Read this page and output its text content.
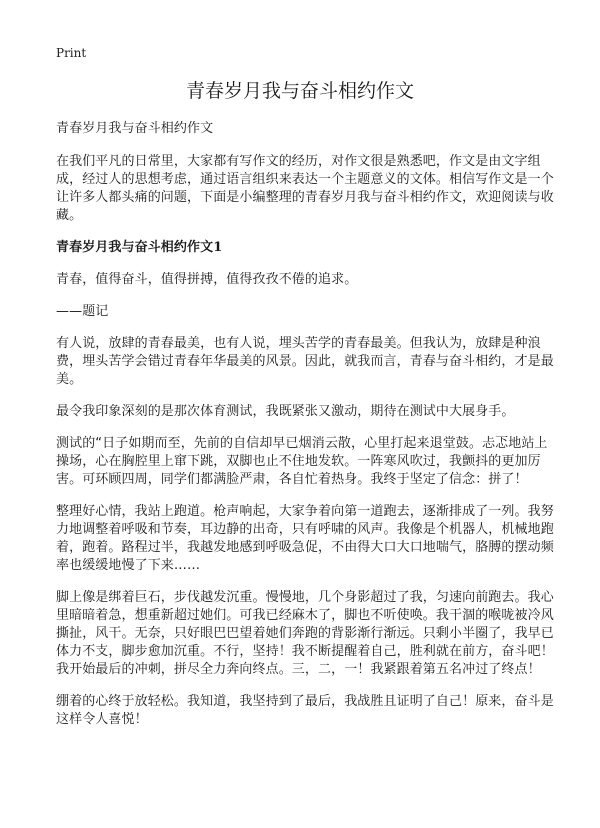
Print
青春岁月我与奋斗相约作文

青春岁月我与奋斗相约作文

在我们平凡的日常里，大家都有写作文的经历，对作文很是熟悉吧，作文是由文字组成，经过人的思想考虑，通过语言组织来表达一个主题意义的文体。相信写作文是一个让许多人都头痛的问题，下面是小编整理的青春岁月我与奋斗相约作文，欢迎阅读与收藏。

青春岁月我与奋斗相约作文1

青春，值得奋斗，值得拼搏，值得孜孜不倦的追求。

——题记

有人说，放肆的青春最美，也有人说，埋头苦学的青春最美。但我认为，放肆是种浪费，埋头苦学会错过青春年华最美的风景。因此，就我而言，青春与奋斗相约，才是最美。

最令我印象深刻的是那次体育测试，我既紧张又激动，期待在测试中大展身手。

测试的“日子如期而至，先前的自信却早已烟消云散，心里打起来退堂鼓。忐忑地站上操场，心在胸腔里上窜下跳，双脚也止不住地发软。一阵寒风吹过，我颤抖的更加厉害。可环顾四周，同学们都满脸严肃，各自忙着热身。我终于坚定了信念：拼了！

整理好心情，我站上跑道。枪声响起，大家争着向第一道跑去，逐渐排成了一列。我努力地调整着呼吸和节奏，耳边静的出奇，只有呼啸的风声。我像是个机器人，机械地跑着，跑着。路程过半，我越发地感到呼吸急促，不由得大口大口地喘气，胳膊的摆动频率也缓缓地慢了下来……

脚上像是绑着巨石，步伐越发沉重。慢慢地，几个身影超过了我，匀速向前跑去。我心里暗暗着急，想重新超过她们。可我已经麻木了，脚也不听使唤。我干涸的喉咙被冷风撕扯，风干。无奈，只好眼巴巴望着她们奔跑的背影渐行渐远。只剩小半圈了，我早已体力不支，脚步愈加沉重。不行，坚持！我不断提醒着自己，胜利就在前方，奋斗吧！我开始最后的冲刺，拼尽全力奔向终点。三，二，一！我紧跟着第五名冲过了终点！

绷着的心终于放轻松。我知道，我坚持到了最后，我战胜且证明了自己！原来，奋斗是这样令人喜悦！
